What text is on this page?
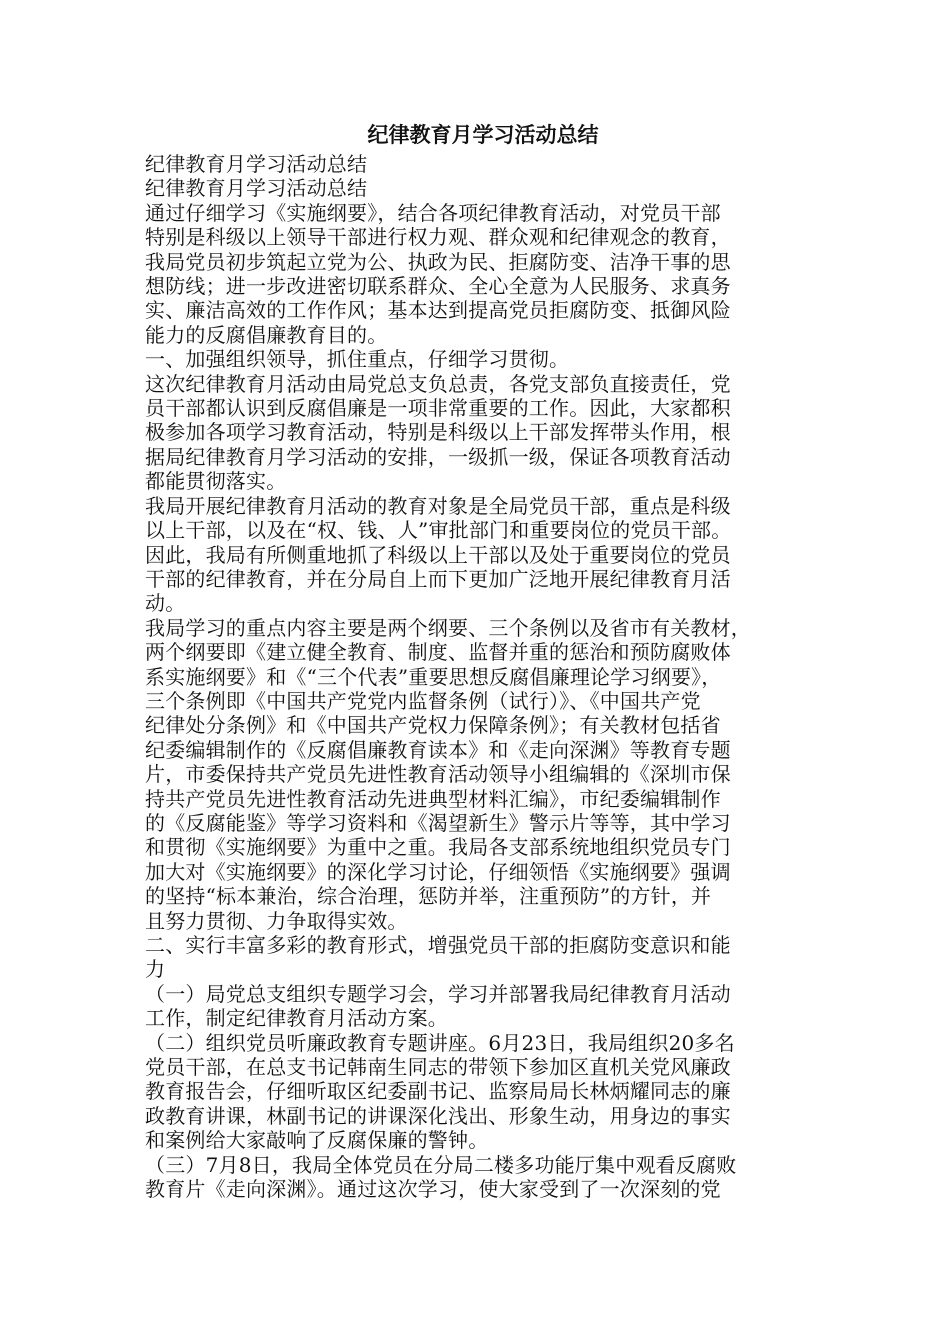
纪律教育月学习活动总结

纪律教育月学习活动总结

纪律教育月学习活动总结

通过仔细学习《实施纲要》，结合各项纪律教育活动，对党员干部

特别是科级以上领导干部进行权力观、群众观和纪律观念的教育，

我局党员初步筑起立党为公、执政为民、拒腐防变、洁净干事的思

想防线；进一步改进密切联系群众、全心全意为人民服务、求真务

实、廉洁高效的工作作风；基本达到提高党员拒腐防变、抵御风险

能力的反腐倡廉教育目的。

一、加强组织领导，抓住重点，仔细学习贯彻。

这次纪律教育月活动由局党总支负总责，各党支部负直接责任，党

员干部都认识到反腐倡廉是一项非常重要的工作。因此，大家都积

极参加各项学习教育活动，特别是科级以上干部发挥带头作用，根

据局纪律教育月学习活动的安排，一级抓一级，保证各项教育活动

都能贯彻落实。

我局开展纪律教育月活动的教育对象是全局党员干部，重点是科级

以上干部，以及在“权、钱、人”审批部门和重要岗位的党员干部。

因此，我局有所侧重地抓了科级以上干部以及处于重要岗位的党员

干部的纪律教育，并在分局自上而下更加广泛地开展纪律教育月活

动。

我局学习的重点内容主要是两个纲要、三个条例以及省市有关教材，

两个纲要即《建立健全教育、制度、监督并重的惩治和预防腐败体

系实施纲要》和《“三个代表”重要思想反腐倡廉理论学习纲要》，

三个条例即《中国共产党党内监督条例（试行）》、《中国共产党

纪律处分条例》和《中国共产党权力保障条例》；有关教材包括省

纪委编辑制作的《反腐倡廉教育读本》和《走向深渊》等教育专题

片，市委保持共产党员先进性教育活动领导小组编辑的《深圳市保

持共产党员先进性教育活动先进典型材料汇编》，市纪委编辑制作

的《反腐能鉴》等学习资料和《渴望新生》警示片等等，其中学习

和贯彻《实施纲要》为重中之重。我局各支部系统地组织党员专门

加大对《实施纲要》的深化学习讨论，仔细领悟《实施纲要》强调

的坚持“标本兼治，综合治理，惩防并举，注重预防”的方针，并

且努力贯彻、力争取得实效。

二、实行丰富多彩的教育形式，增强党员干部的拒腐防变意识和能

力

（一）局党总支组织专题学习会，学习并部署我局纪律教育月活动

工作，制定纪律教育月活动方案。

（二）组织党员听廉政教育专题讲座。6月23日，我局组织20多名

党员干部，在总支书记韩南生同志的带领下参加区直机关党风廉政

教育报告会，仔细听取区纪委副书记、监察局局长林炳耀同志的廉

政教育讲课，林副书记的讲课深化浅出、形象生动，用身边的事实

和案例给大家敲响了反腐保廉的警钟。

（三）7月8日，我局全体党员在分局二楼多功能厅集中观看反腐败

教育片《走向深渊》。通过这次学习，使大家受到了一次深刻的党
